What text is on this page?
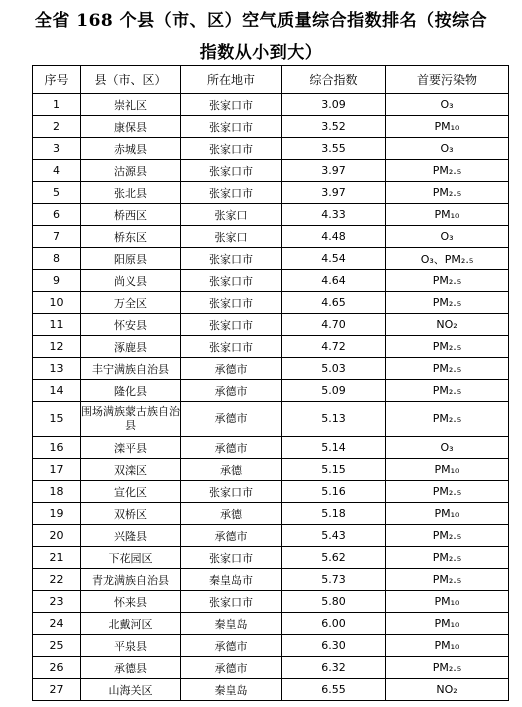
全省 168 个县（市、区）空气质量综合指数排名（按综合
指数从小到大）
序号	县（市、区）	所在地市	综合指数	首要污染物
1	崇礼区	张家口市	3.09	O₃
2	康保县	张家口市	3.52	PM₁₀
3	赤城县	张家口市	3.55	O₃
4	沽源县	张家口市	3.97	PM₂.₅
5	张北县	张家口市	3.97	PM₂.₅
6	桥西区	张家口	4.33	PM₁₀
7	桥东区	张家口	4.48	O₃
8	阳原县	张家口市	4.54	O₃、PM₂.₅
9	尚义县	张家口市	4.64	PM₂.₅
10	万全区	张家口市	4.65	PM₂.₅
11	怀安县	张家口市	4.70	NO₂
12	涿鹿县	张家口市	4.72	PM₂.₅
13	丰宁满族自治县	承德市	5.03	PM₂.₅
14	隆化县	承德市	5.09	PM₂.₅
15	围场满族蒙古族自治县	承德市	5.13	PM₂.₅
16	滦平县	承德市	5.14	O₃
17	双滦区	承德	5.15	PM₁₀
18	宣化区	张家口市	5.16	PM₂.₅
19	双桥区	承德	5.18	PM₁₀
20	兴隆县	承德市	5.43	PM₂.₅
21	下花园区	张家口市	5.62	PM₂.₅
22	青龙满族自治县	秦皇岛市	5.73	PM₂.₅
23	怀来县	张家口市	5.80	PM₁₀
24	北戴河区	秦皇岛	6.00	PM₁₀
25	平泉县	承德市	6.30	PM₁₀
26	承德县	承德市	6.32	PM₂.₅
27	山海关区	秦皇岛	6.55	NO₂
